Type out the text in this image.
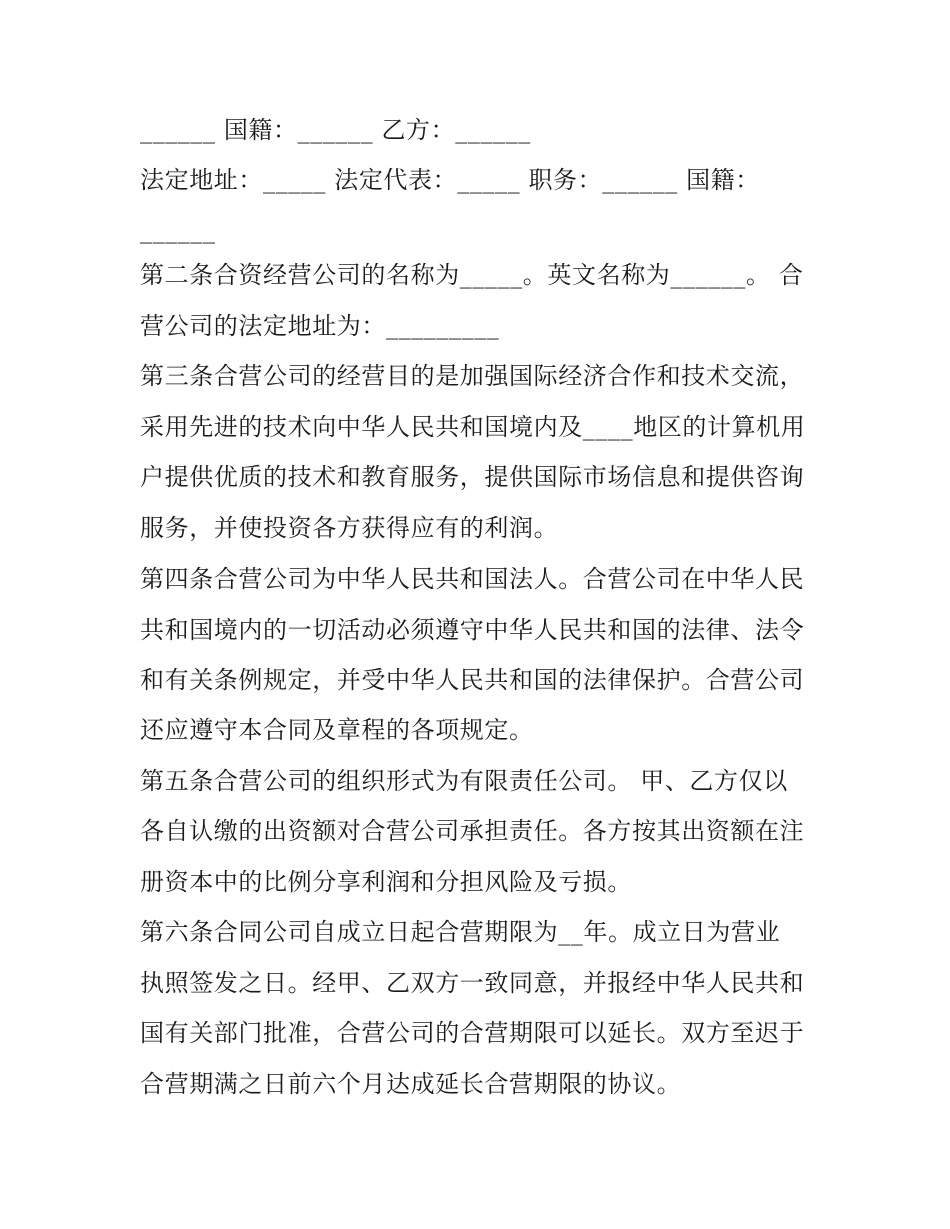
______ 国籍：______ 乙方：______
法定地址：_____ 法定代表：_____ 职务：______ 国籍：
______
第二条合资经营公司的名称为_____。英文名称为______。 合
营公司的法定地址为：_________
第三条合营公司的经营目的是加强国际经济合作和技术交流，
采用先进的技术向中华人民共和国境内及____地区的计算机用
户提供优质的技术和教育服务，提供国际市场信息和提供咨询
服务，并使投资各方获得应有的利润。
第四条合营公司为中华人民共和国法人。合营公司在中华人民
共和国境内的一切活动必须遵守中华人民共和国的法律、法令
和有关条例规定，并受中华人民共和国的法律保护。合营公司
还应遵守本合同及章程的各项规定。
第五条合营公司的组织形式为有限责任公司。 甲、乙方仅以
各自认缴的出资额对合营公司承担责任。各方按其出资额在注
册资本中的比例分享利润和分担风险及亏损。
第六条合同公司自成立日起合营期限为__年。成立日为营业
执照签发之日。经甲、乙双方一致同意，并报经中华人民共和
国有关部门批准，合营公司的合营期限可以延长。双方至迟于
合营期满之日前六个月达成延长合营期限的协议。
